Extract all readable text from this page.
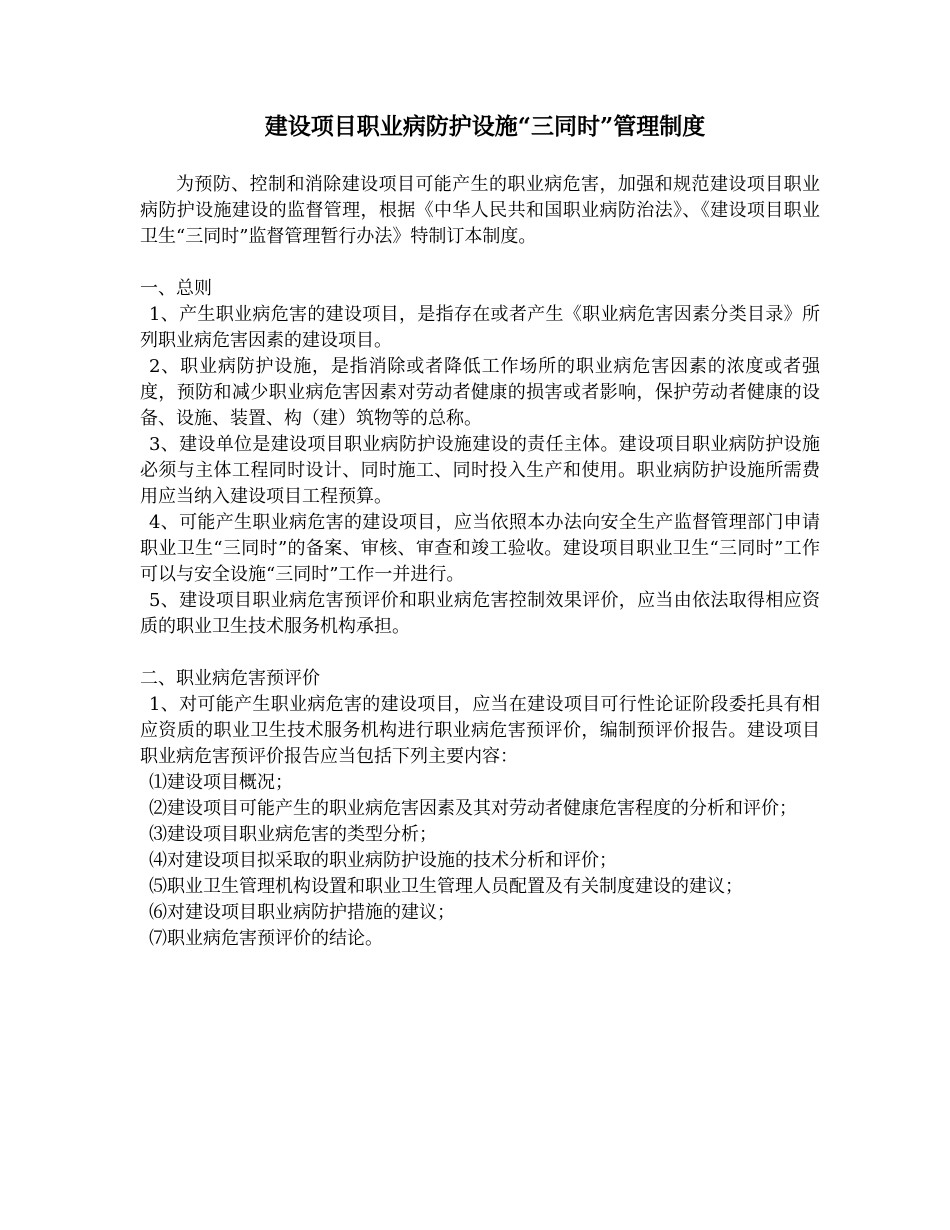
建设项目职业病防护设施“三同时”管理制度

为预防、控制和消除建设项目可能产生的职业病危害，加强和规范建设项目职业病防护设施建设的监督管理，根据《中华人民共和国职业病防治法》、《建设项目职业卫生“三同时”监督管理暂行办法》特制订本制度。

一、总则

1、产生职业病危害的建设项目，是指存在或者产生《职业病危害因素分类目录》所列职业病危害因素的建设项目。

2、职业病防护设施，是指消除或者降低工作场所的职业病危害因素的浓度或者强度，预防和减少职业病危害因素对劳动者健康的损害或者影响，保护劳动者健康的设备、设施、装置、构（建）筑物等的总称。

3、建设单位是建设项目职业病防护设施建设的责任主体。建设项目职业病防护设施必须与主体工程同时设计、同时施工、同时投入生产和使用。职业病防护设施所需费用应当纳入建设项目工程预算。

4、可能产生职业病危害的建设项目，应当依照本办法向安全生产监督管理部门申请职业卫生“三同时”的备案、审核、审查和竣工验收。建设项目职业卫生“三同时”工作可以与安全设施“三同时”工作一并进行。

5、建设项目职业病危害预评价和职业病危害控制效果评价，应当由依法取得相应资质的职业卫生技术服务机构承担。

二、职业病危害预评价

1、对可能产生职业病危害的建设项目，应当在建设项目可行性论证阶段委托具有相应资质的职业卫生技术服务机构进行职业病危害预评价，编制预评价报告。建设项目职业病危害预评价报告应当包括下列主要内容：

⑴建设项目概况；

⑵建设项目可能产生的职业病危害因素及其对劳动者健康危害程度的分析和评价；

⑶建设项目职业病危害的类型分析；

⑷对建设项目拟采取的职业病防护设施的技术分析和评价；

⑸职业卫生管理机构设置和职业卫生管理人员配置及有关制度建设的建议；

⑹对建设项目职业病防护措施的建议；

⑺职业病危害预评价的结论。
